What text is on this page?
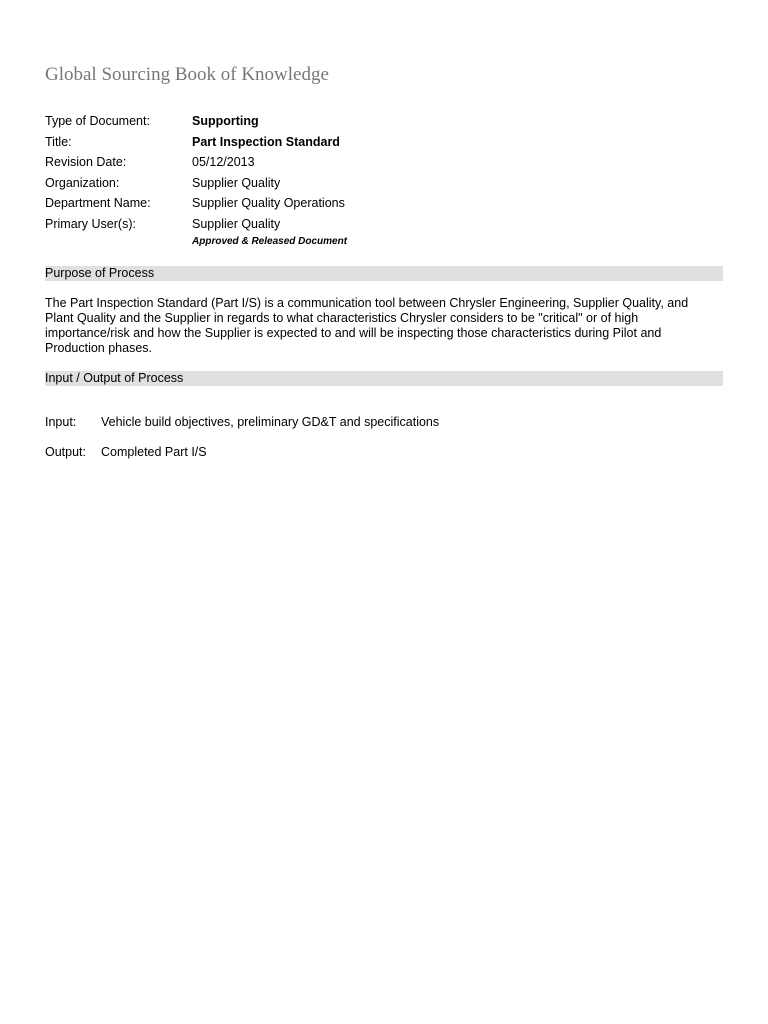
Global Sourcing Book of Knowledge
Type of Document:	Supporting
Title:	Part Inspection Standard
Revision Date:	05/12/2013
Organization:	Supplier Quality
Department Name:	Supplier Quality Operations
Primary User(s):	Supplier Quality
Approved & Released Document
Purpose of Process
The Part Inspection Standard (Part I/S) is a communication tool between Chrysler Engineering, Supplier Quality, and Plant Quality and the Supplier in regards to what characteristics Chrysler considers to be "critical" or of high importance/risk and how the Supplier is expected to and will be inspecting those characteristics during Pilot and Production phases.
Input / Output of Process
Input: Vehicle build objectives, preliminary GD&T and specifications
Output: Completed Part I/S
